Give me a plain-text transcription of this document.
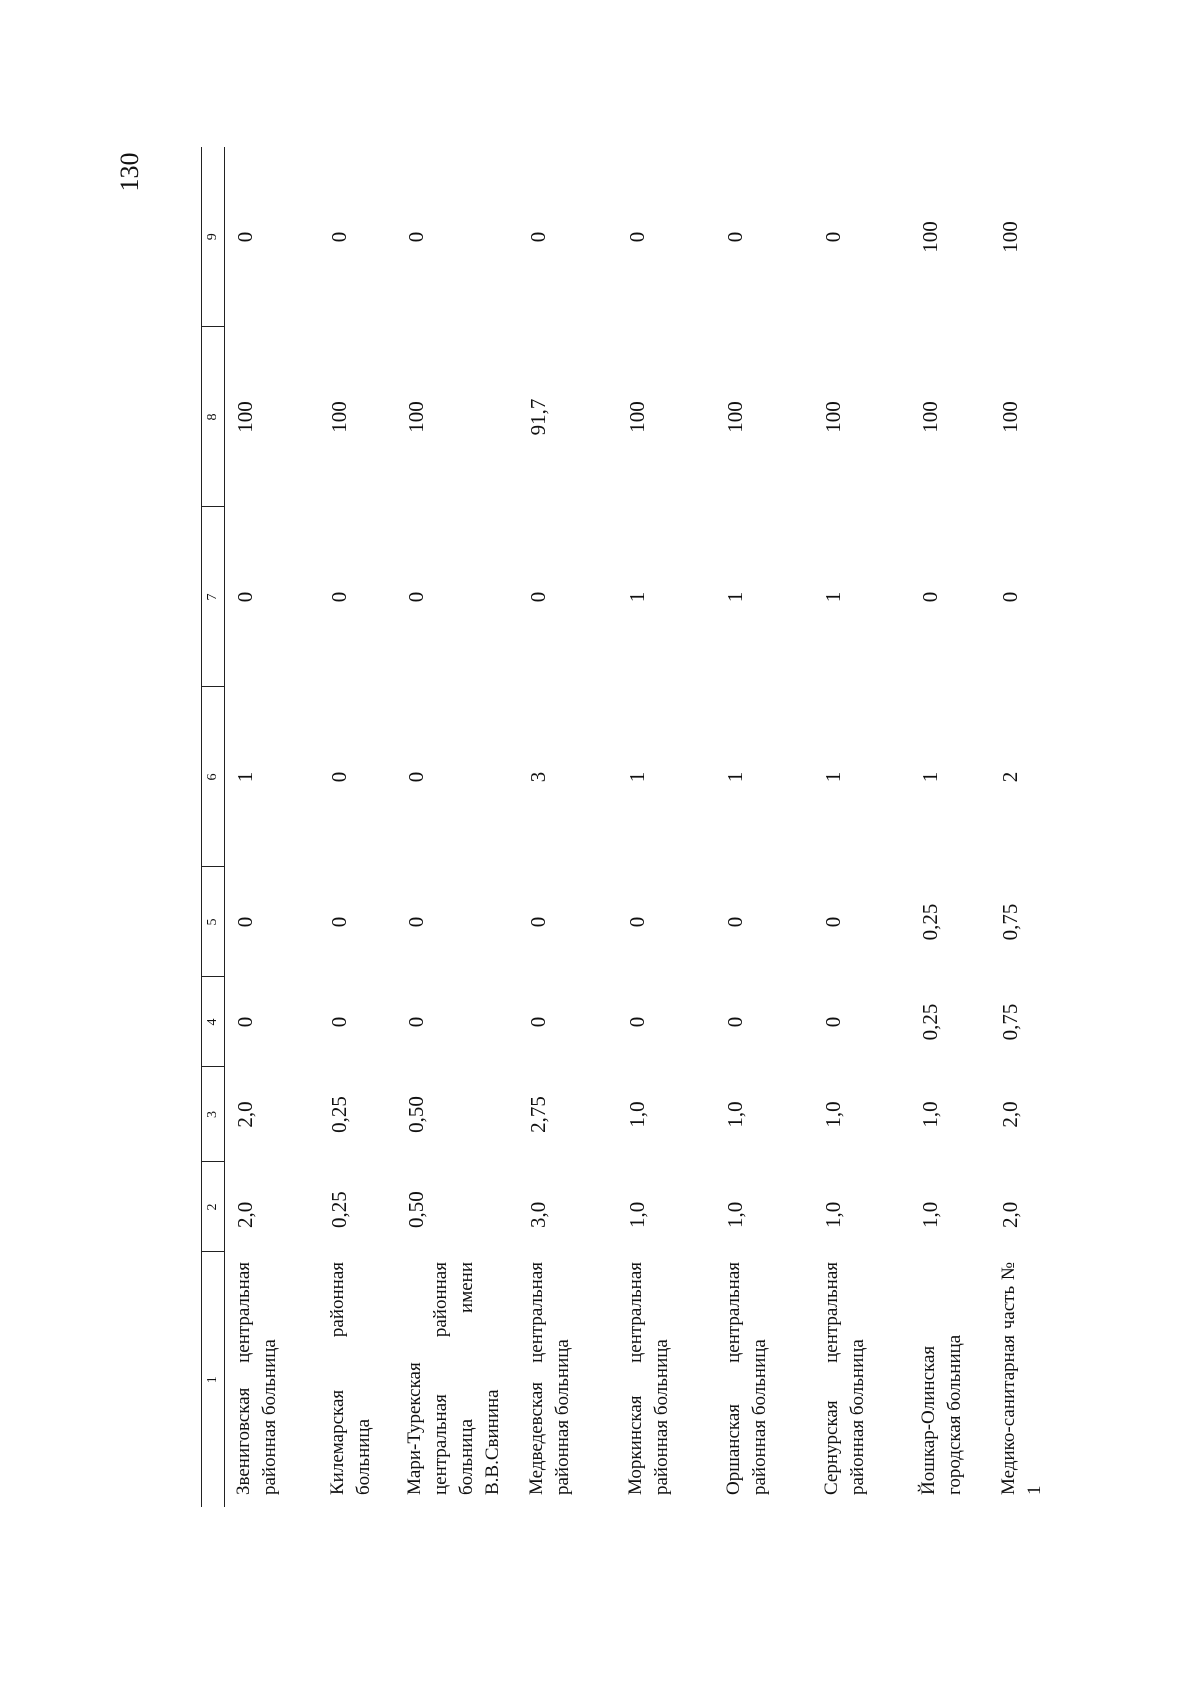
130
1	2	3	4	5	6	7	8	9
Звениговская центральная районная больница	2,0	2,0	0	0	1	0	100	0
Килемарская районная больница	0,25	0,25	0	0	0	0	100	0
Мари-Турекская центральная районная больница имени В.В.Свинина	0,50	0,50	0	0	0	0	100	0
Медведевская центральная районная больница	3,0	2,75	0	0	3	0	91,7	0
Моркинская центральная районная больница	1,0	1,0	0	0	1	1	100	0
Оршанская центральная районная больница	1,0	1,0	0	0	1	1	100	0
Сернурская центральная районная больница	1,0	1,0	0	0	1	1	100	0
Йошкар-Олинская городская больница	1,0	1,0	0,25	0,25	1	0	100	100
Медико-санитарная часть № 1	2,0	2,0	0,75	0,75	2	0	100	100
